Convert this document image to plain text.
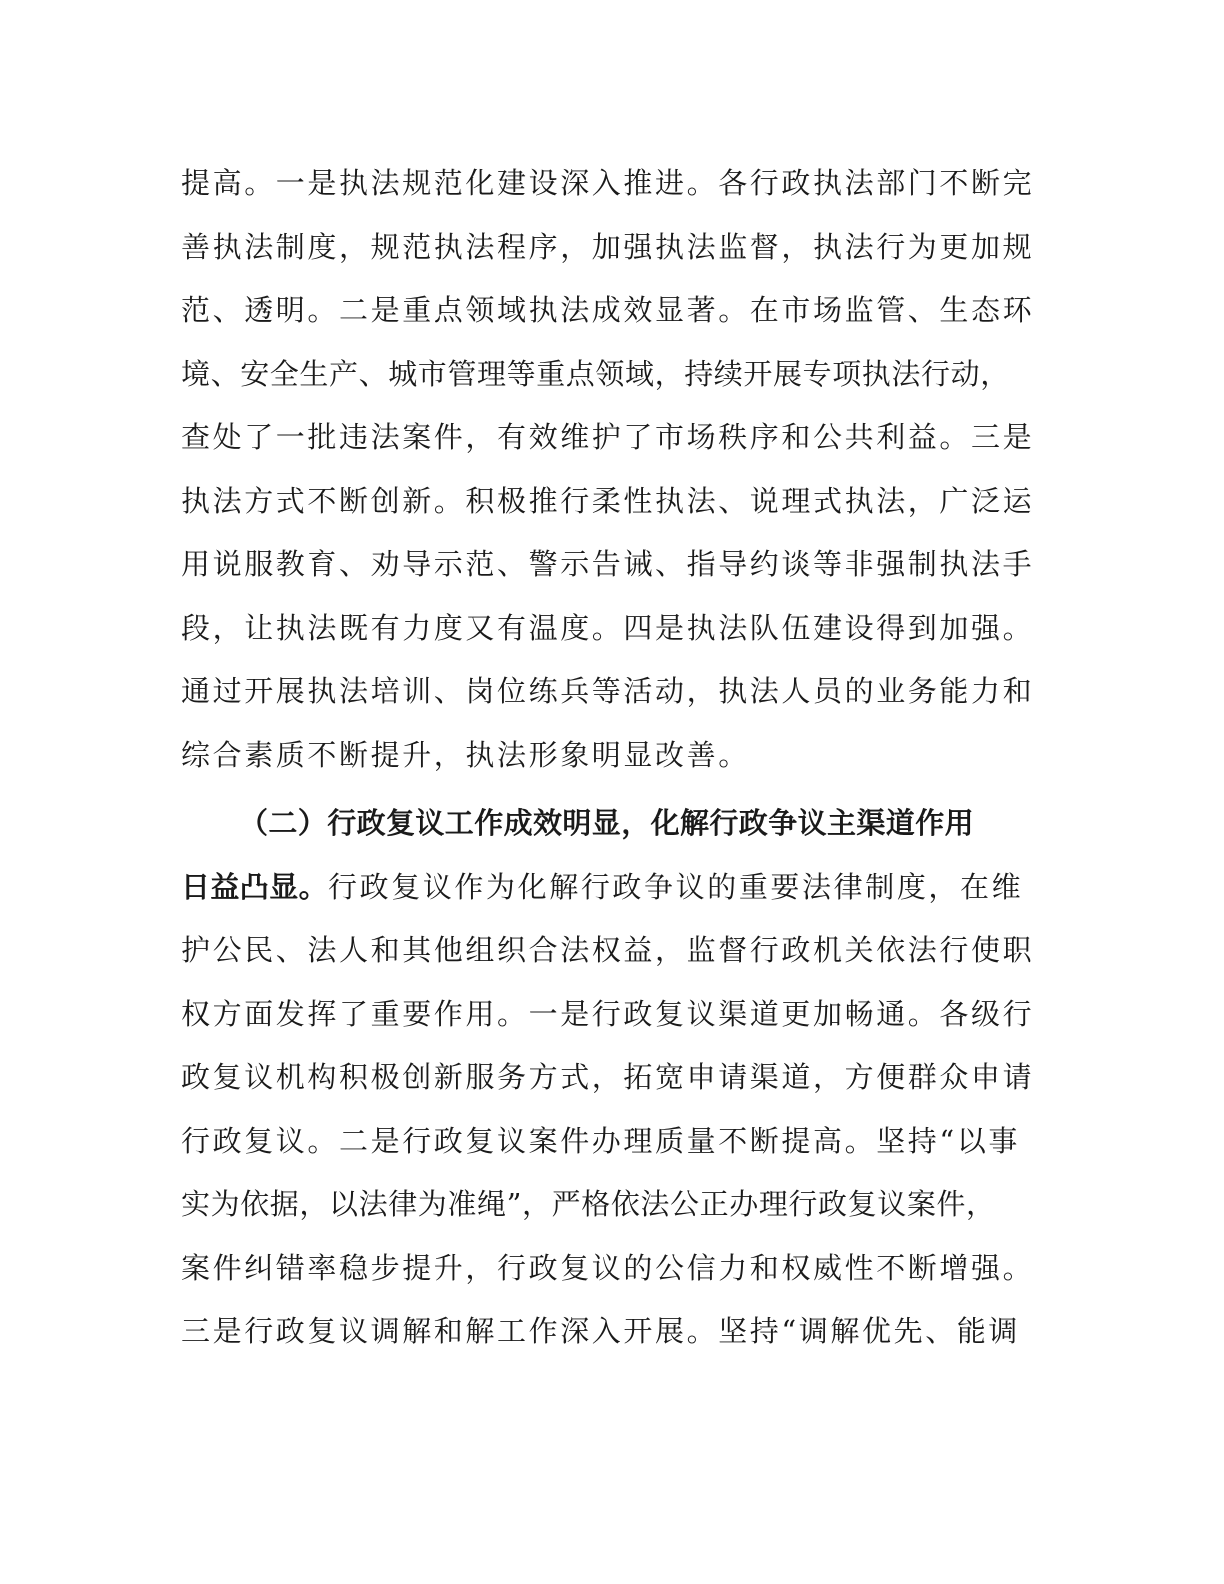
提高。一是执法规范化建设深入推进。各行政执法部门不断完
善执法制度，规范执法程序，加强执法监督，执法行为更加规
范、透明。二是重点领域执法成效显著。在市场监管、生态环
境、安全生产、城市管理等重点领域，持续开展专项执法行动，
查处了一批违法案件，有效维护了市场秩序和公共利益。三是
执法方式不断创新。积极推行柔性执法、说理式执法，广泛运
用说服教育、劝导示范、警示告诫、指导约谈等非强制执法手
段，让执法既有力度又有温度。四是执法队伍建设得到加强。
通过开展执法培训、岗位练兵等活动，执法人员的业务能力和
综合素质不断提升，执法形象明显改善。
（二）行政复议工作成效明显，化解行政争议主渠道作用
日益凸显。行政复议作为化解行政争议的重要法律制度，在维
护公民、法人和其他组织合法权益，监督行政机关依法行使职
权方面发挥了重要作用。一是行政复议渠道更加畅通。各级行
政复议机构积极创新服务方式，拓宽申请渠道，方便群众申请
行政复议。二是行政复议案件办理质量不断提高。坚持“以事
实为依据，以法律为准绳”，严格依法公正办理行政复议案件，
案件纠错率稳步提升，行政复议的公信力和权威性不断增强。
三是行政复议调解和解工作深入开展。坚持“调解优先、能调
